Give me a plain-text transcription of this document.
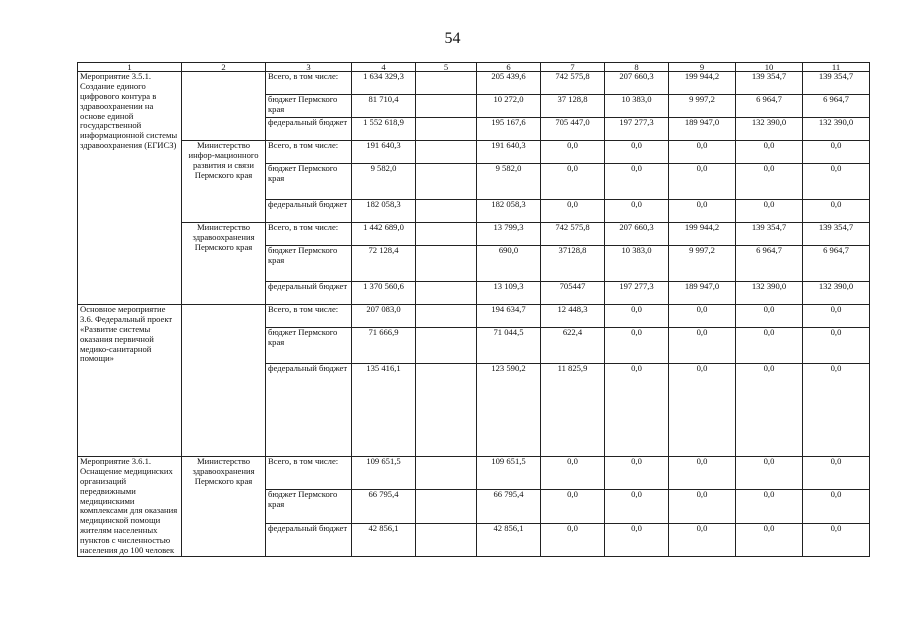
54
1	2	3	4	5	6	7	8	9	10	11
Мероприятие 3.5.1. Создание единого цифрового контура в здравоохранении на основе единой государственной информационной системы здравоохранения (ЕГИСЗ)		Всего, в том числе:	1 634 329,3		205 439,6	742 575,8	207 660,3	199 944,2	139 354,7	139 354,7
		бюджет Пермского края	81 710,4		10 272,0	37 128,8	10 383,0	9 997,2	6 964,7	6 964,7
		федеральный бюджет	1 552 618,9		195 167,6	705 447,0	197 277,3	189 947,0	132 390,0	132 390,0
	Министерство инфор-мационного развития и связи Пермского края	Всего, в том числе:	191 640,3		191 640,3	0,0	0,0	0,0	0,0	0,0
		бюджет Пермского края	9 582,0		9 582,0	0,0	0,0	0,0	0,0	0,0
		федеральный бюджет	182 058,3		182 058,3	0,0	0,0	0,0	0,0	0,0
	Министерство здравоохранения Пермского края	Всего, в том числе:	1 442 689,0		13 799,3	742 575,8	207 660,3	199 944,2	139 354,7	139 354,7
		бюджет Пермского края	72 128,4		690,0	37128,8	10 383,0	9 997,2	6 964,7	6 964,7
		федеральный бюджет	1 370 560,6		13 109,3	705447	197 277,3	189 947,0	132 390,0	132 390,0
Основное мероприятие 3.6. Федеральный проект «Развитие системы оказания первичной медико-санитарной помощи»		Всего, в том числе:	207 083,0		194 634,7	12 448,3	0,0	0,0	0,0	0,0
		бюджет Пермского края	71 666,9		71 044,5	622,4	0,0	0,0	0,0	0,0
		федеральный бюджет	135 416,1		123 590,2	11 825,9	0,0	0,0	0,0	0,0
Мероприятие 3.6.1. Оснащение медицинских организаций передвижными медицинскими комплексами для оказания медицинской помощи жителям населенных пунктов с численностью населения до 100 человек	Министерство здравоохранения Пермского края	Всего, в том числе:	109 651,5		109 651,5	0,0	0,0	0,0	0,0	0,0
		бюджет Пермского края	66 795,4		66 795,4	0,0	0,0	0,0	0,0	0,0
		федеральный бюджет	42 856,1		42 856,1	0,0	0,0	0,0	0,0	0,0
